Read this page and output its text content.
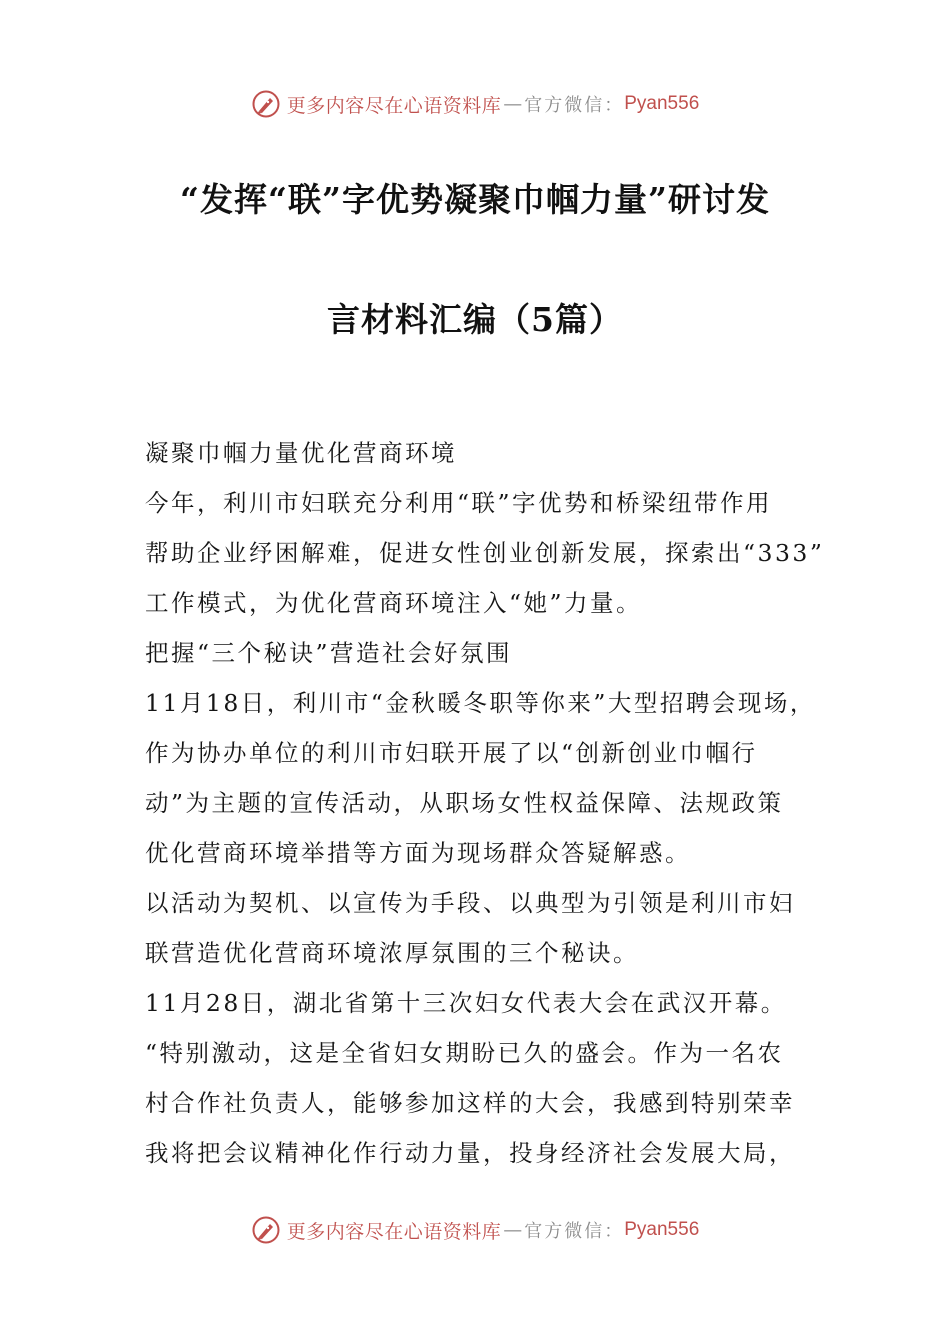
更多内容尽在心语资料库 — 官方微信： Pyan556
“发挥“联”字优势凝聚巾帼力量”研讨发
言材料汇编（5篇）

凝聚巾帼力量优化营商环境

今年，利川市妇联充分利用“联”字优势和桥梁纽带作用

帮助企业纾困解难，促进女性创业创新发展，探索出“333”

工作模式，为优化营商环境注入“她”力量。

把握“三个秘诀”营造社会好氛围

11月18日，利川市“金秋暖冬职等你来”大型招聘会现场，

作为协办单位的利川市妇联开展了以“创新创业巾帼行

动”为主题的宣传活动，从职场女性权益保障、法规政策

优化营商环境举措等方面为现场群众答疑解惑。

以活动为契机、以宣传为手段、以典型为引领是利川市妇

联营造优化营商环境浓厚氛围的三个秘诀。

11月28日，湖北省第十三次妇女代表大会在武汉开幕。

“特别激动，这是全省妇女期盼已久的盛会。作为一名农

村合作社负责人，能够参加这样的大会，我感到特别荣幸

我将把会议精神化作行动力量，投身经济社会发展大局，

更多内容尽在心语资料库 — 官方微信： Pyan556
